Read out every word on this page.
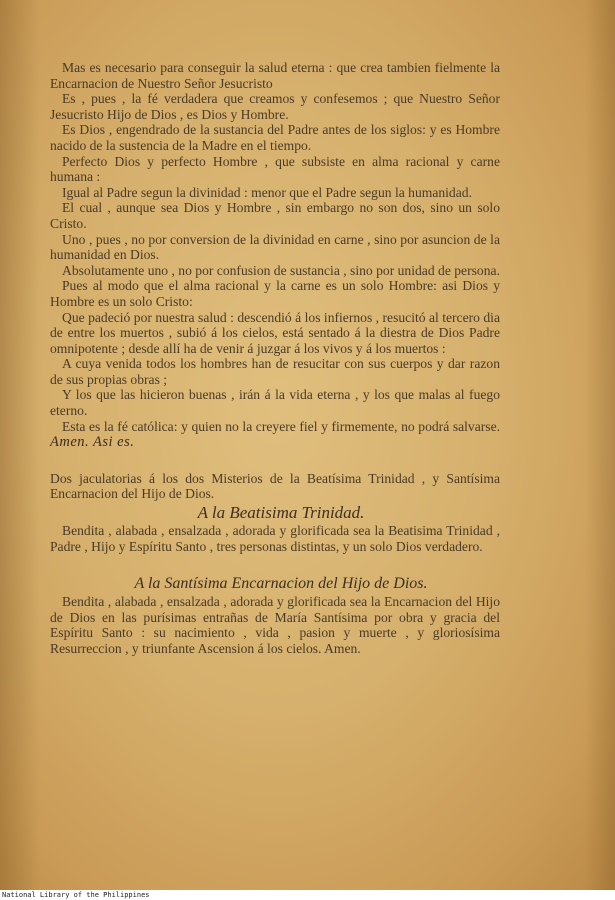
Mas es necesario para conseguir la salud eterna : que crea tambien fielmente la Encarnacion de Nuestro Señor Jesucristo

Es , pues , la fé verdadera que creamos y confesemos ; que Nuestro Señor Jesucristo Hijo de Dios , es Dios y Hombre.

Es Dios , engendrado de la sustancia del Padre antes de los siglos: y es Hombre nacido de la sustencia de la Madre en el tiempo.

Perfecto Dios y perfecto Hombre , que subsiste en alma racional y carne humana :

Igual al Padre segun la divinidad : menor que el Padre segun la humanidad.

El cual , aunque sea Dios y Hombre , sin embargo no son dos, sino un solo Cristo.

Uno , pues , no por conversion de la divinidad en carne , sino por asuncion de la humanidad en Dios.

Absolutamente uno , no por confusion de sustancia , sino por unidad de persona.

Pues al modo que el alma racional y la carne es un solo Hombre: asi Dios y Hombre es un solo Cristo:

Que padeció por nuestra salud : descendió á los infiernos , resucitó al tercero dia de entre los muertos , subió á los cielos, está sentado á la diestra de Dios Padre omnipotente ; desde allí ha de venir á juzgar á los vivos y á los muertos :

A cuya venida todos los hombres han de resucitar con sus cuerpos y dar razon de sus propias obras ;

Y los que las hicieron buenas , irán á la vida eterna , y los que malas al fuego eterno.

Esta es la fé católica: y quien no la creyere fiel y firmemente, no podrá salvarse. Amen. Asi es.

Dos jaculatorias á los dos Misterios de la Beatísima Trinidad , y Santísima Encarnacion del Hijo de Dios.

A la Beatisima Trinidad.

Bendita , alabada , ensalzada , adorada y glorificada sea la Beatisima Trinidad , Padre , Hijo y Espíritu Santo , tres personas distintas, y un solo Dios verdadero.

A la Santísima Encarnacion del Hijo de Dios.

Bendita , alabada , ensalzada , adorada y glorificada sea la Encarnacion del Hijo de Dios en las purísimas entrañas de María Santísima por obra y gracia del Espíritu Santo : su nacimiento , vida , pasion y muerte , y gloriosísima Resurreccion , y triunfante Ascension á los cielos. Amen.

National Library of the Philippines
